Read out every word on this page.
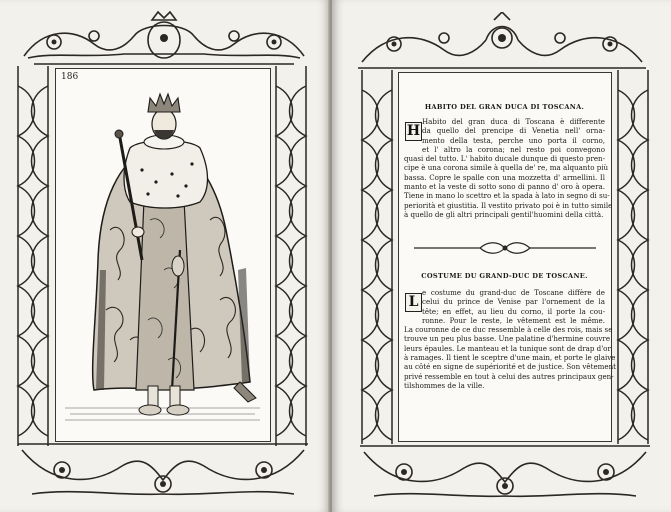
186
HABITO DEL GRAN DUCA DI TOSCANA.
H
Habito del gran duca di Toscana è differente
da quello del prencipe di Venetia nell' orna-
mento della testa, perche uno porta il corno,
et l' altro la corona; nel resto poi convegono
quasi del tutto. L' habito ducale dunque di questo pren-
cipe è una corona simile à quella de' re, ma alquanto più
bassa. Copre le spalle con una mozzetta d' armellini. Il
manto et la veste di sotto sono di panno d' oro à opera.
Tiene in mano lo scettro et la spada à lato in segno di su-
periorità et giustitia. Il vestito privato poi è in tutto simile
à quello de gli altri principali gentil'huomini della città.
COSTUME DU GRAND-DUC DE TOSCANE.
L
e costume du grand-duc de Toscane diffère de
celui du prince de Venise par l'ornement de la
tête; en effet, au lieu du corno, il porte la cou-
ronne. Pour le reste, le vêtement est le même.
La couronne de ce duc ressemble à celle des rois, mais se
trouve un peu plus basse. Une palatine d'hermine couvre
leurs épaules. Le manteau et la tunique sont de drap d'or
à ramages. Il tient le sceptre d'une main, et porte le glaive
au côté en signe de supériorité et de justice. Son vêtement
privé ressemble en tout à celui des autres principaux gen-
tilshommes de la ville.
